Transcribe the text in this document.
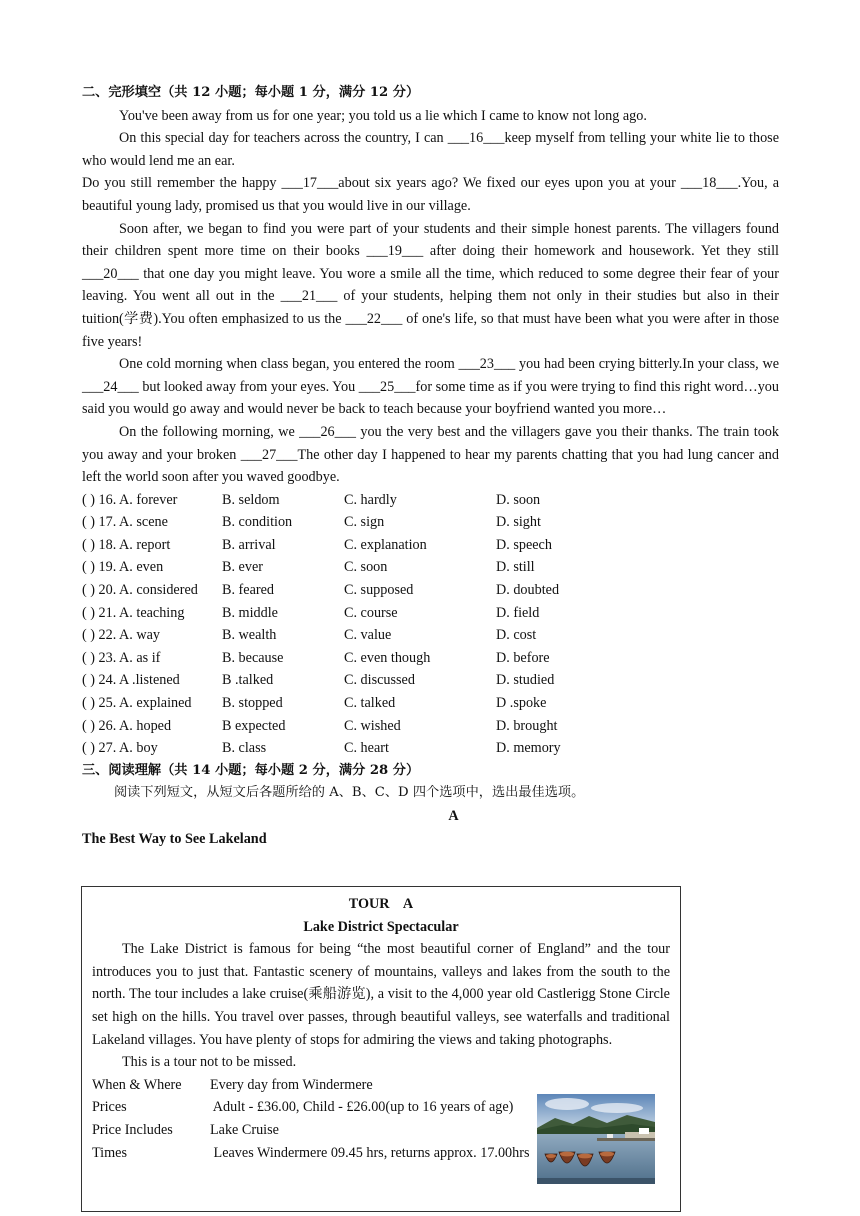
二、完形填空（共 12 小题；每小题 1 分，满分 12 分）

You've been away from us for one year; you told us a lie which I came to know not long ago.

On this special day for teachers across the country, I can ___16___keep myself from telling your white lie to those who would lend me an ear.

Do you still remember the happy ___17___about six years ago? We fixed our eyes upon you at your ___18___.You, a beautiful young lady, promised us that you would live in our village.

Soon after, we began to find you were part of your students and their simple honest parents. The villagers found their children spent more time on their books ___19___ after doing their homework and housework. Yet they still ___20___ that one day you might leave. You wore a smile all the time, which reduced to some degree their fear of your leaving. You went all out in the ___21___ of your students, helping them not only in their studies but also in their tuition(学费).You often emphasized to us the ___22___ of one's life, so that must have been what you were after in those five years!

One cold morning when class began, you entered the room ___23___ you had been crying bitterly.In your class, we ___24___ but looked away from your eyes. You ___25___for some time as if you were trying to find this right word…you said you would go away and would never be back to teach because your boyfriend wanted you more…

On the following morning, we ___26___ you the very best and the villagers gave you their thanks. The train took you away and your broken ___27___The other day I happened to hear my parents chatting that you had lung cancer and left the world soon after you waved goodbye.

( ) 16. A. forever	B. seldom	C. hardly	D. soon
( ) 17. A. scene	B. condition	C. sign	D. sight
( ) 18. A. report	B. arrival	C. explanation	D. speech
( ) 19. A. even	B. ever	C. soon	D. still
( ) 20. A. considered	B. feared	C. supposed	D. doubted
( ) 21. A. teaching	B. middle	C. course	D. field
( ) 22. A. way	B. wealth	C. value	D. cost
( ) 23. A. as if	B. because	C. even though	D. before
( ) 24. A .listened	B .talked	C. discussed	D. studied
( ) 25. A. explained	B. stopped	C. talked	D .spoke
( ) 26. A. hoped	B expected	C. wished	D. brought
( ) 27. A. boy	B. class	C. heart	D. memory

三、阅读理解（共 14 小题；每小题 2 分，满分 28 分）

阅读下列短文，从短文后各题所给的 A、B、C、D 四个选项中，选出最佳选项。

A

The Best Way to See Lakeland

TOUR    A

Lake District Spectacular

The Lake District is famous for being “the most beautiful corner of England” and the tour introduces you to just that. Fantastic scenery of mountains, valleys and lakes from the south to the north. The tour includes a lake cruise(乘船游览), a visit to the 4,000 year old Castlerigg Stone Circle set high on the hills. You travel over passes, through beautiful valleys, see waterfalls and traditional Lakeland villages. You have plenty of stops for admiring the views and taking photographs.

This is a tour not to be missed.

When & Where	Every day from Windermere
Prices	Adult - £36.00, Child - £26.00(up to 16 years of age)
Price Includes	Lake Cruise
Times	Leaves Windermere 09.45 hrs, returns approx. 17.00hrs
